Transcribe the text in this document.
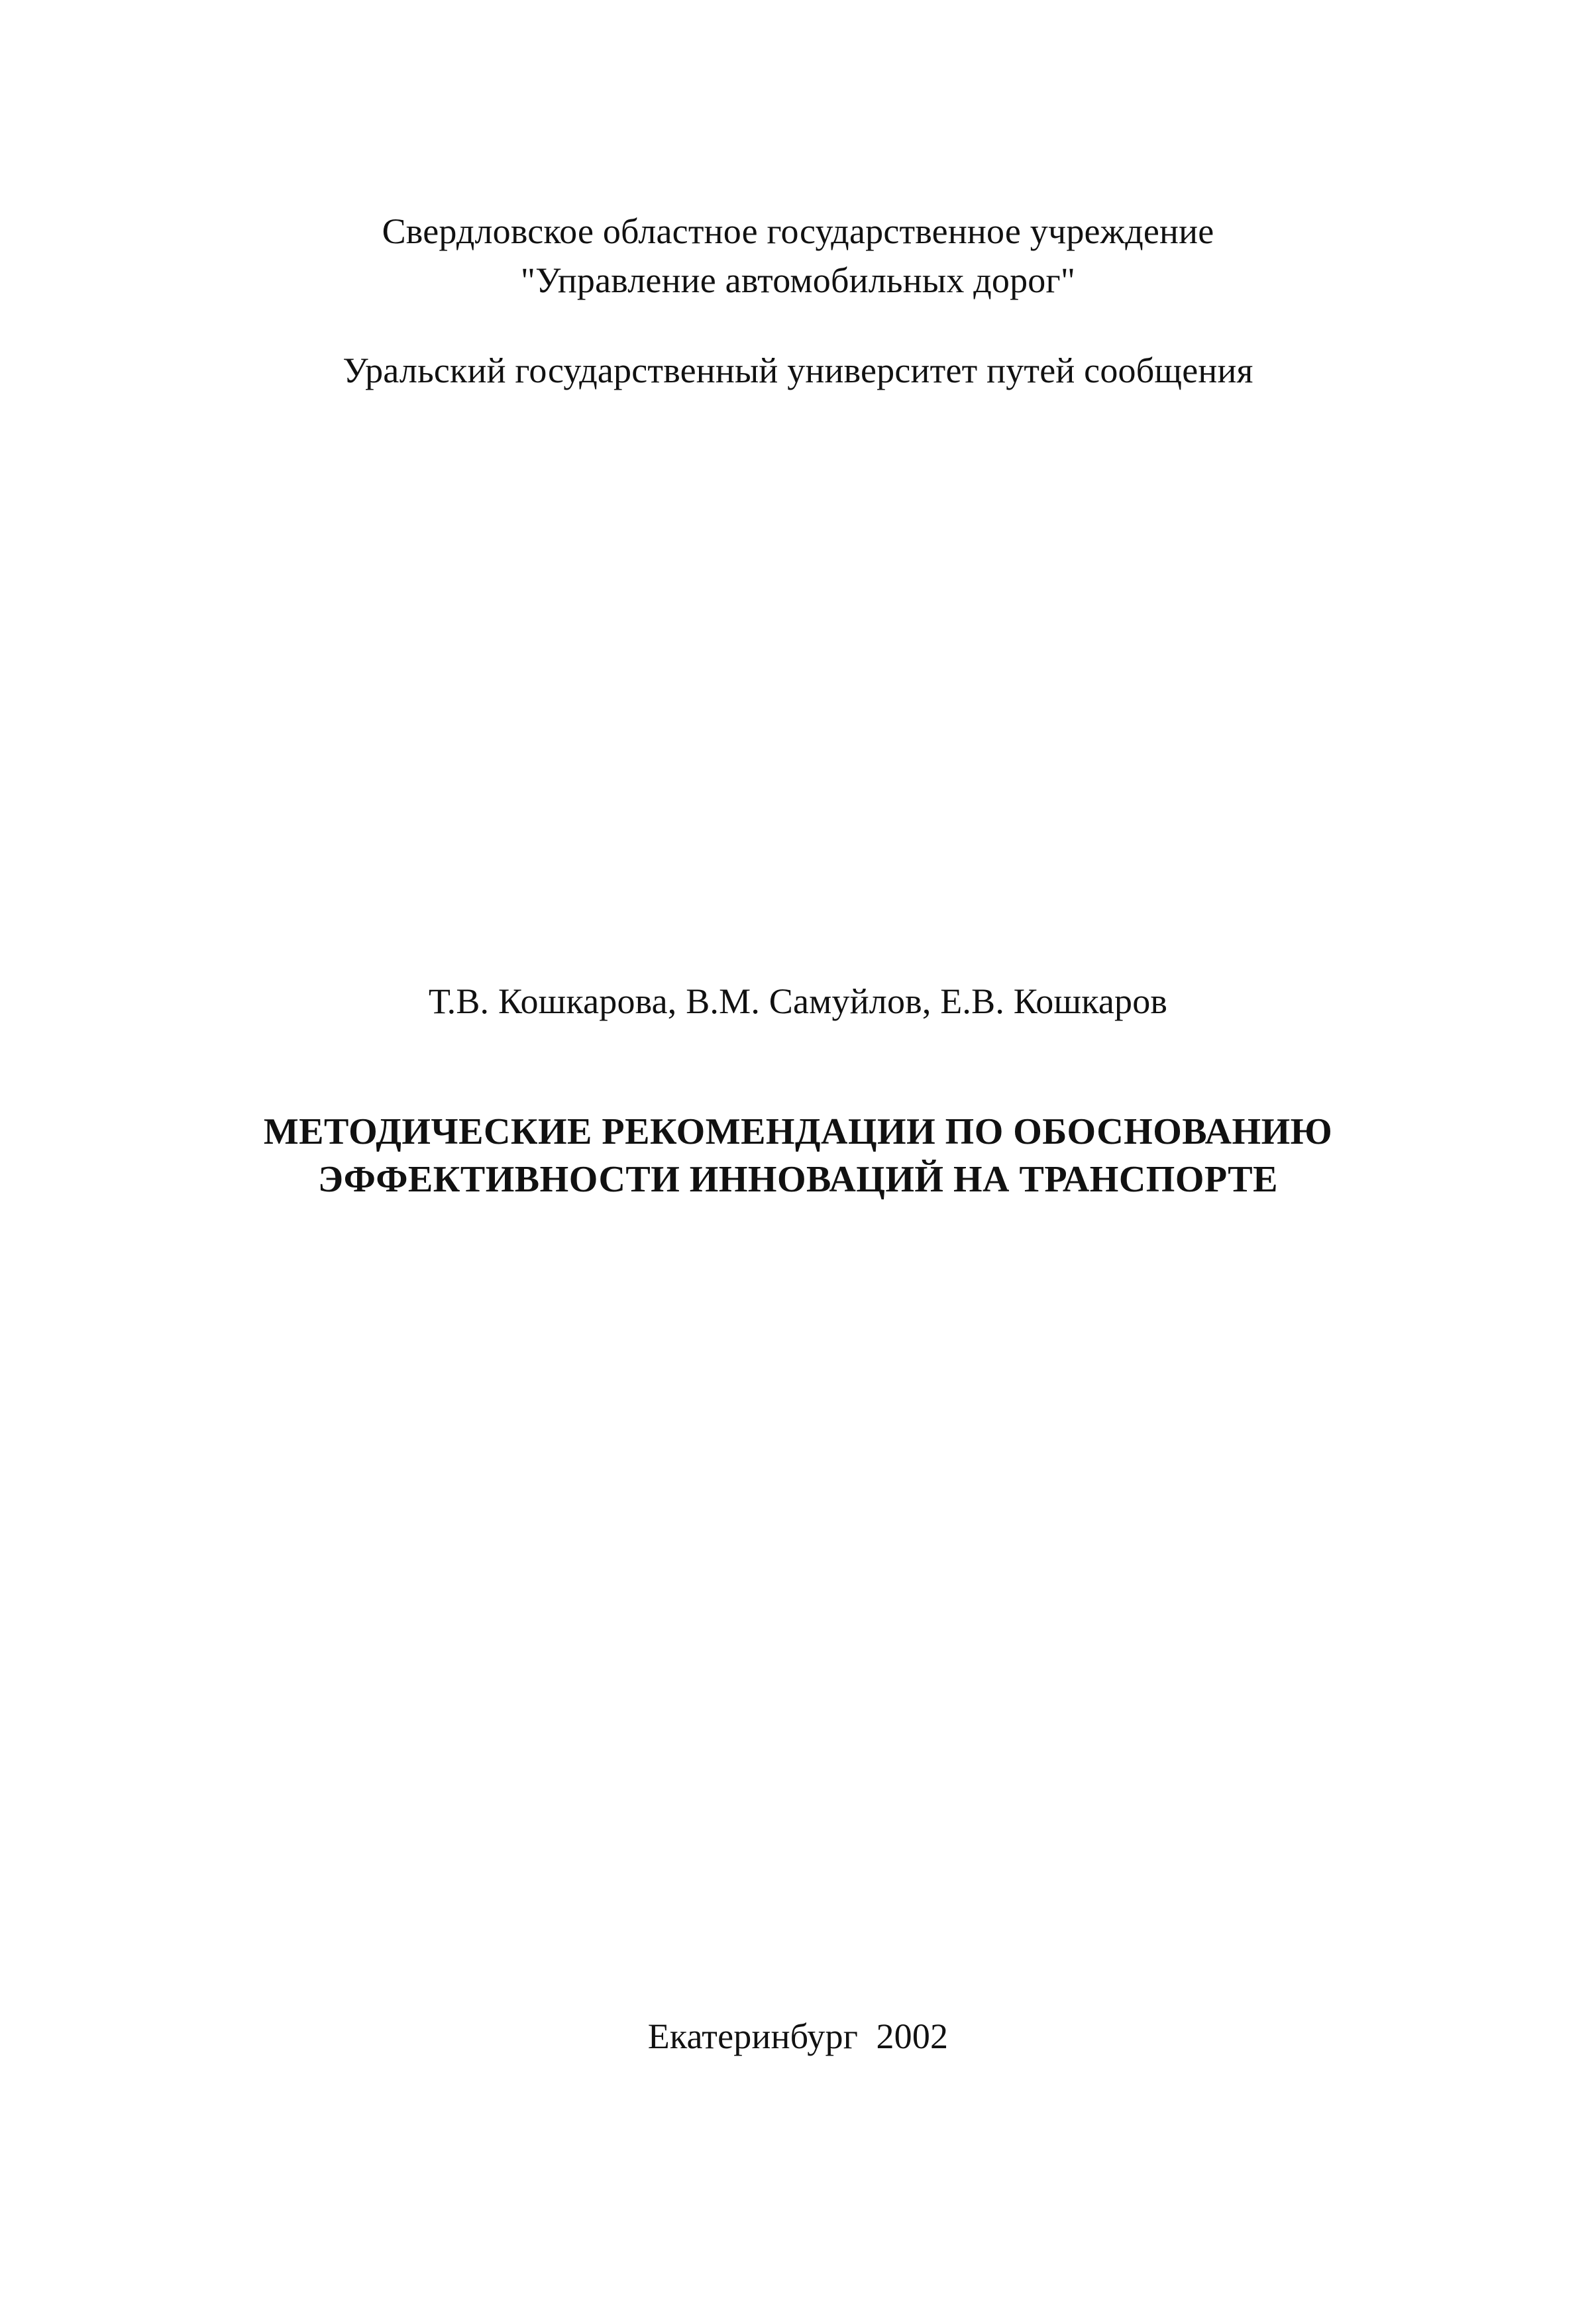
Свердловское областное государственное учреждение
"Управление автомобильных дорог"
Уральский государственный университет путей сообщения
Т.В. Кошкарова, В.М. Самуйлов, Е.В. Кошкаров
МЕТОДИЧЕСКИЕ РЕКОМЕНДАЦИИ ПО ОБОСНОВАНИЮ
ЭФФЕКТИВНОСТИ ИННОВАЦИЙ НА ТРАНСПОРТЕ
Екатеринбург 2002
